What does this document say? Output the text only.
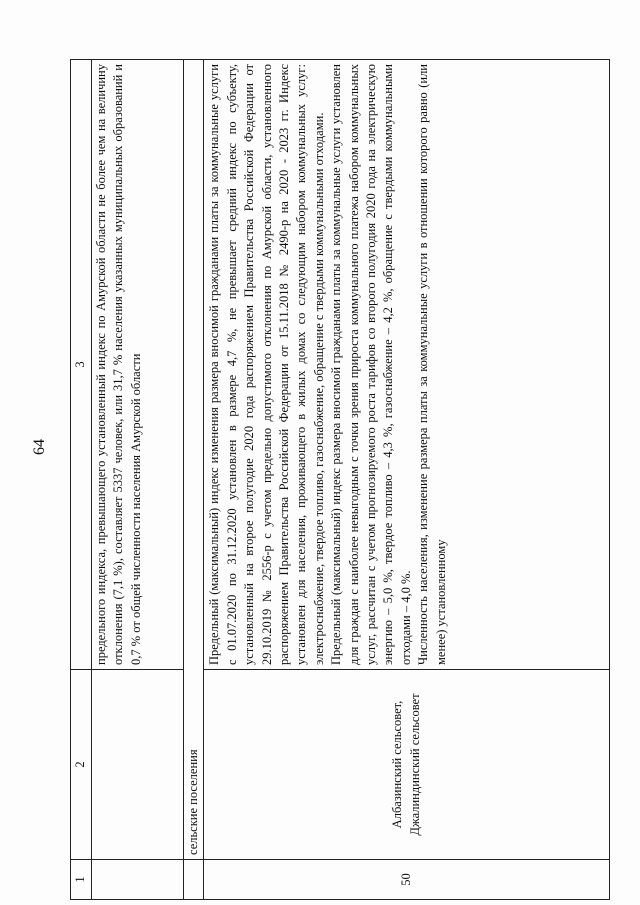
64
1	2	3
		предельного индекса, превышающего установленный индекс по Амурской области не более чем на величину отклонения (7,1 %), составляет 5337 человек, или 31,7 % населения указанных муниципальных образований и 0,7 % от общей численности населения Амурской области
	сельские поселения	
50	Албазинский сельсовет, Джалиндинский сельсовет	Предельный (максимальный) индекс изменения размера вносимой гражданами платы за коммунальные услуги с 01.07.2020 по 31.12.2020 установлен в размере 4,7 %, не превышает средний индекс по субъекту, установленный на второе полугодие 2020 года распоряжением Правительства Российской Федерации от 29.10.2019 № 2556-р с учетом предельно допустимого отклонения по Амурской области, установленного распоряжением Правительства Российской Федерации от 15.11.2018 № 2490-р на 2020 - 2023 гг. Индекс установлен для населения, проживающего в жилых домах со следующим набором коммунальных услуг: электроснабжение, твердое топливо, газоснабжение, обращение с твердыми коммунальными отходами. Предельный (максимальный) индекс размера вносимой гражданами платы за коммунальные услуги установлен для граждан с наиболее невыгодным с точки зрения прироста коммунального платежа набором коммунальных услуг, рассчитан с учетом прогнозируемого роста тарифов со второго полугодия 2020 года на электрическую энергию – 5,0 %, твердое топливо – 4,3 %, газоснабжение – 4,2 %, обращение с твердыми коммунальными отходами – 4,0 %. Численность населения, изменение размера платы за коммунальные услуги в отношении которого равно (или менее) установленному
